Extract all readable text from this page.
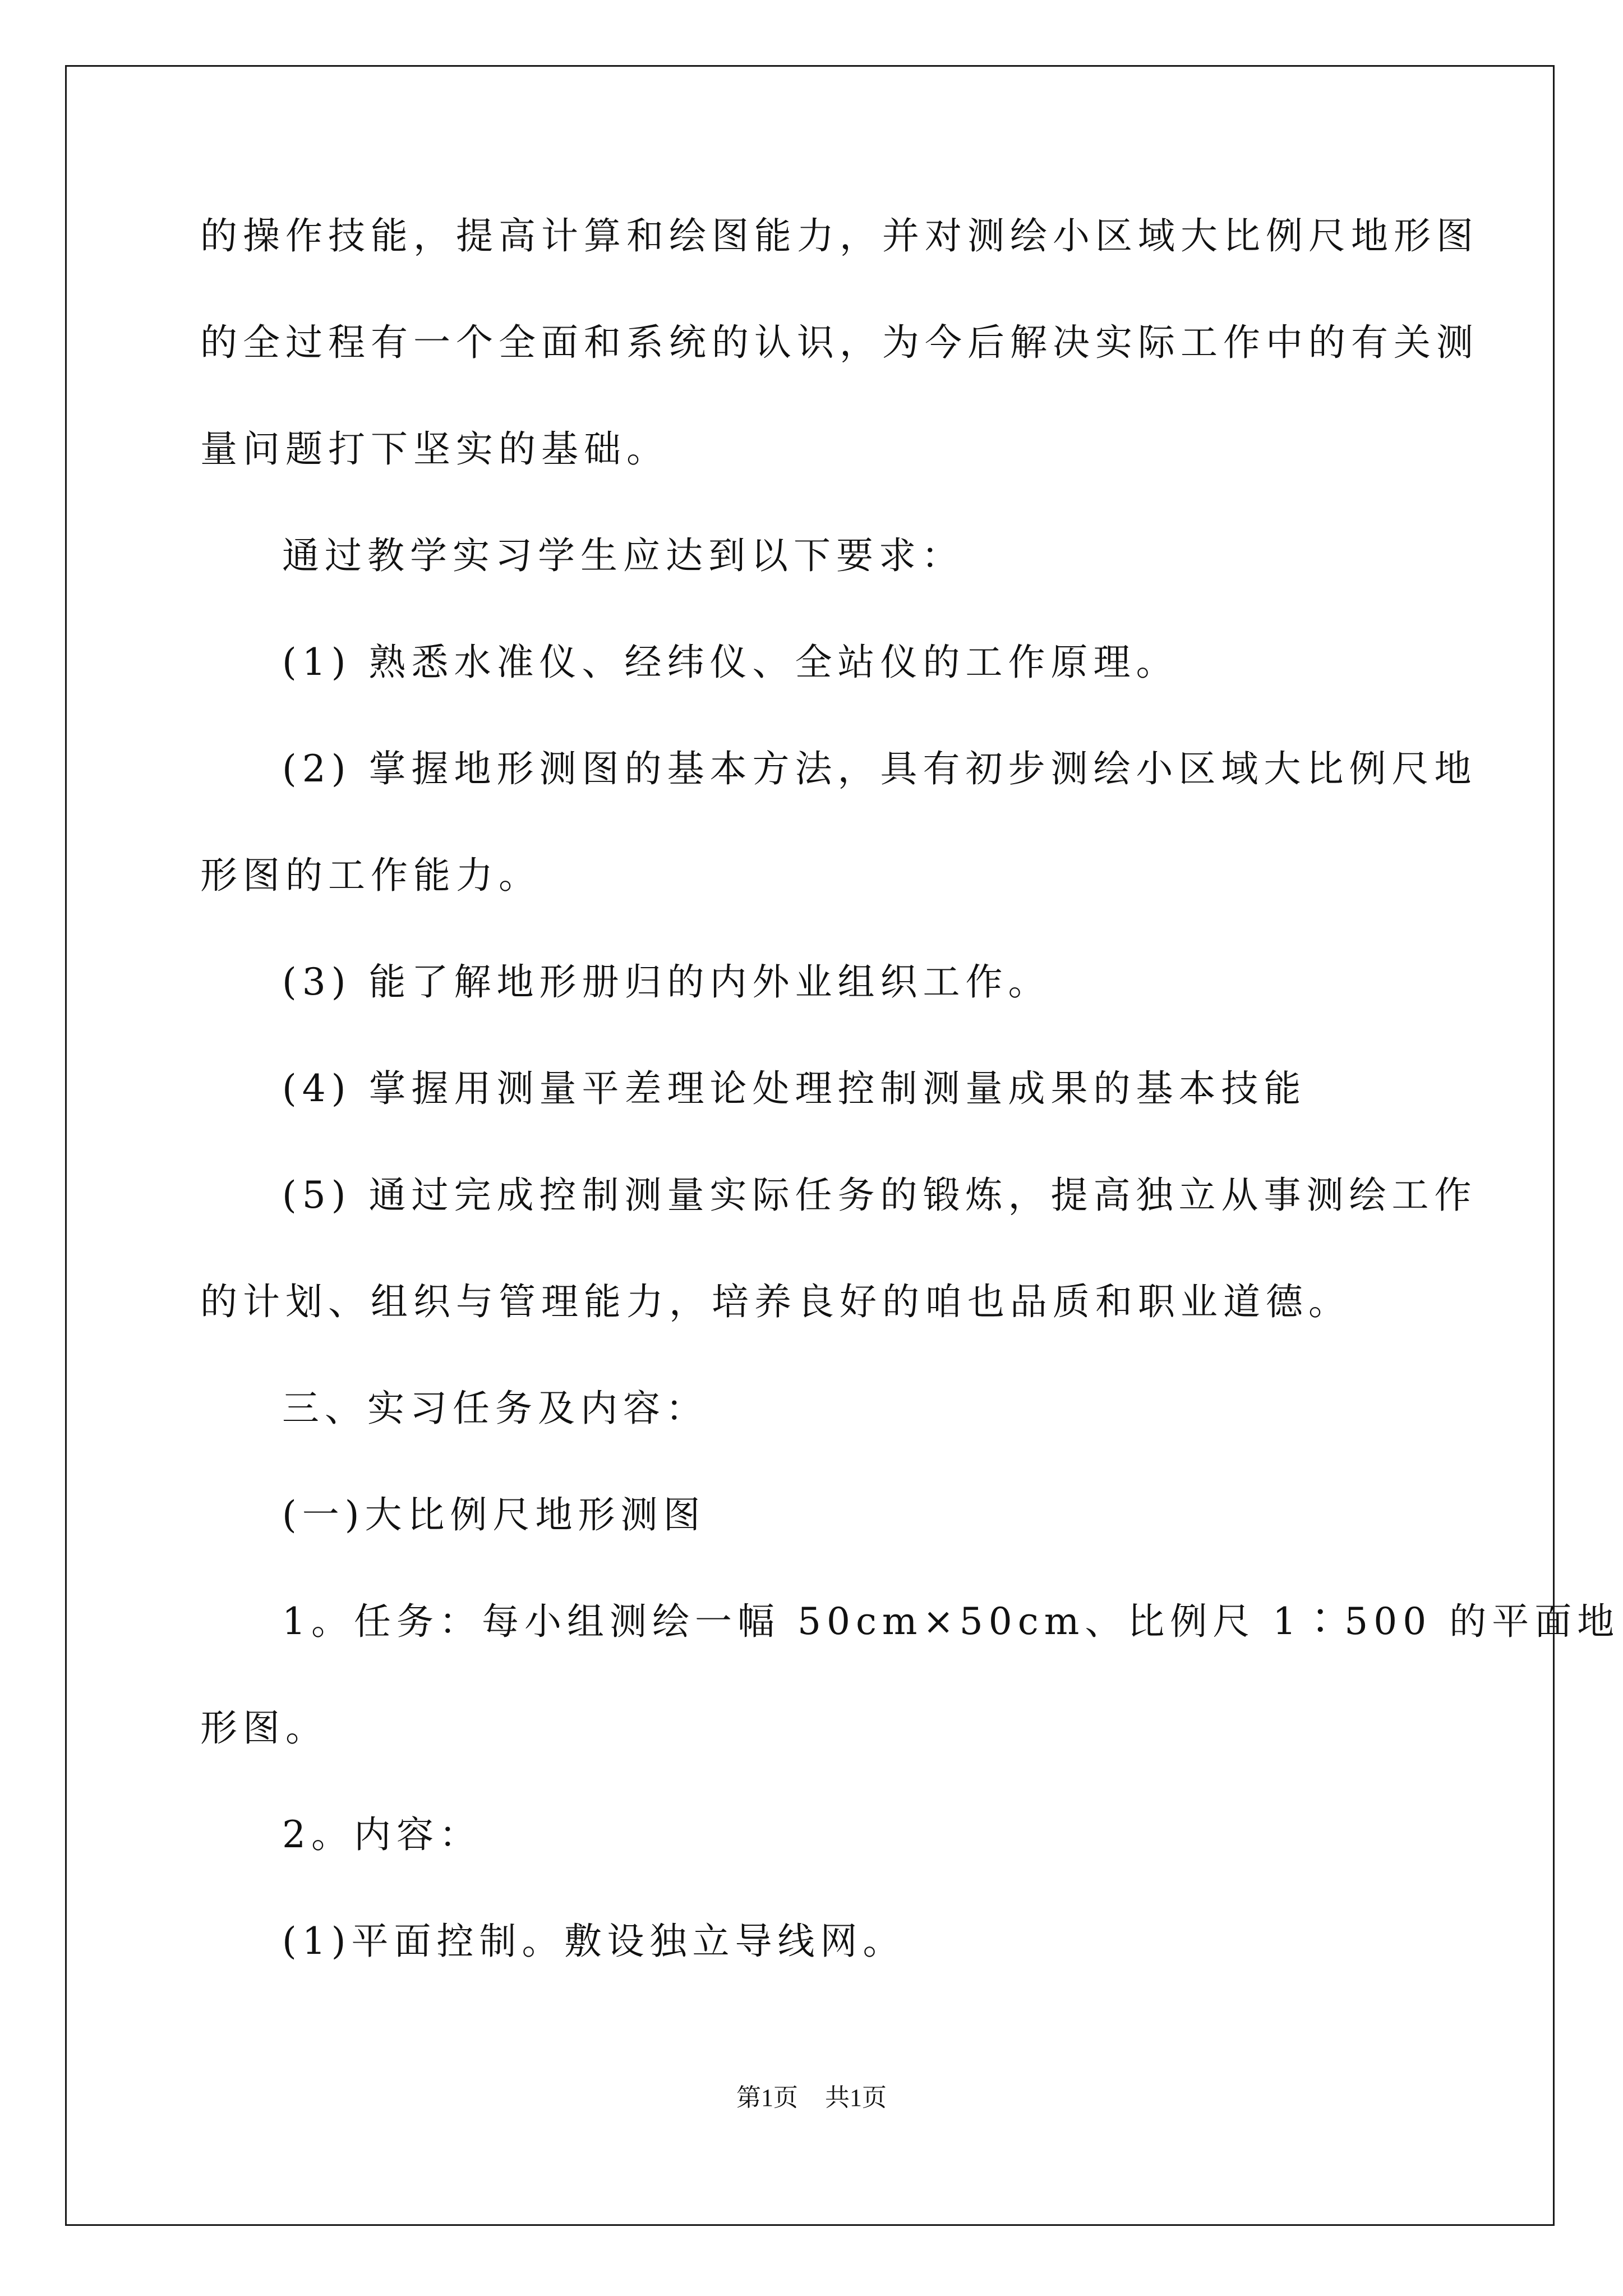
的操作技能，提高计算和绘图能力，并对测绘小区域大比例尺地形图
的全过程有一个全面和系统的认识，为今后解决实际工作中的有关测
量问题打下坚实的基础。
通过教学实习学生应达到以下要求：
(1) 熟悉水准仪、经纬仪、全站仪的工作原理。
(2) 掌握地形测图的基本方法，具有初步测绘小区域大比例尺地
形图的工作能力。
(3) 能了解地形册归的内外业组织工作。
(4) 掌握用测量平差理论处理控制测量成果的基本技能
(5) 通过完成控制测量实际任务的锻炼，提高独立从事测绘工作
的计划、组织与管理能力，培养良好的咱也品质和职业道德。
三、实习任务及内容：
(一)大比例尺地形测图
1。任务：每小组测绘一幅 50cm×50cm、比例尺 1∶500 的平面地
形图。
2。内容：
(1)平面控制。敷设独立导线网。
第1页 共1页
